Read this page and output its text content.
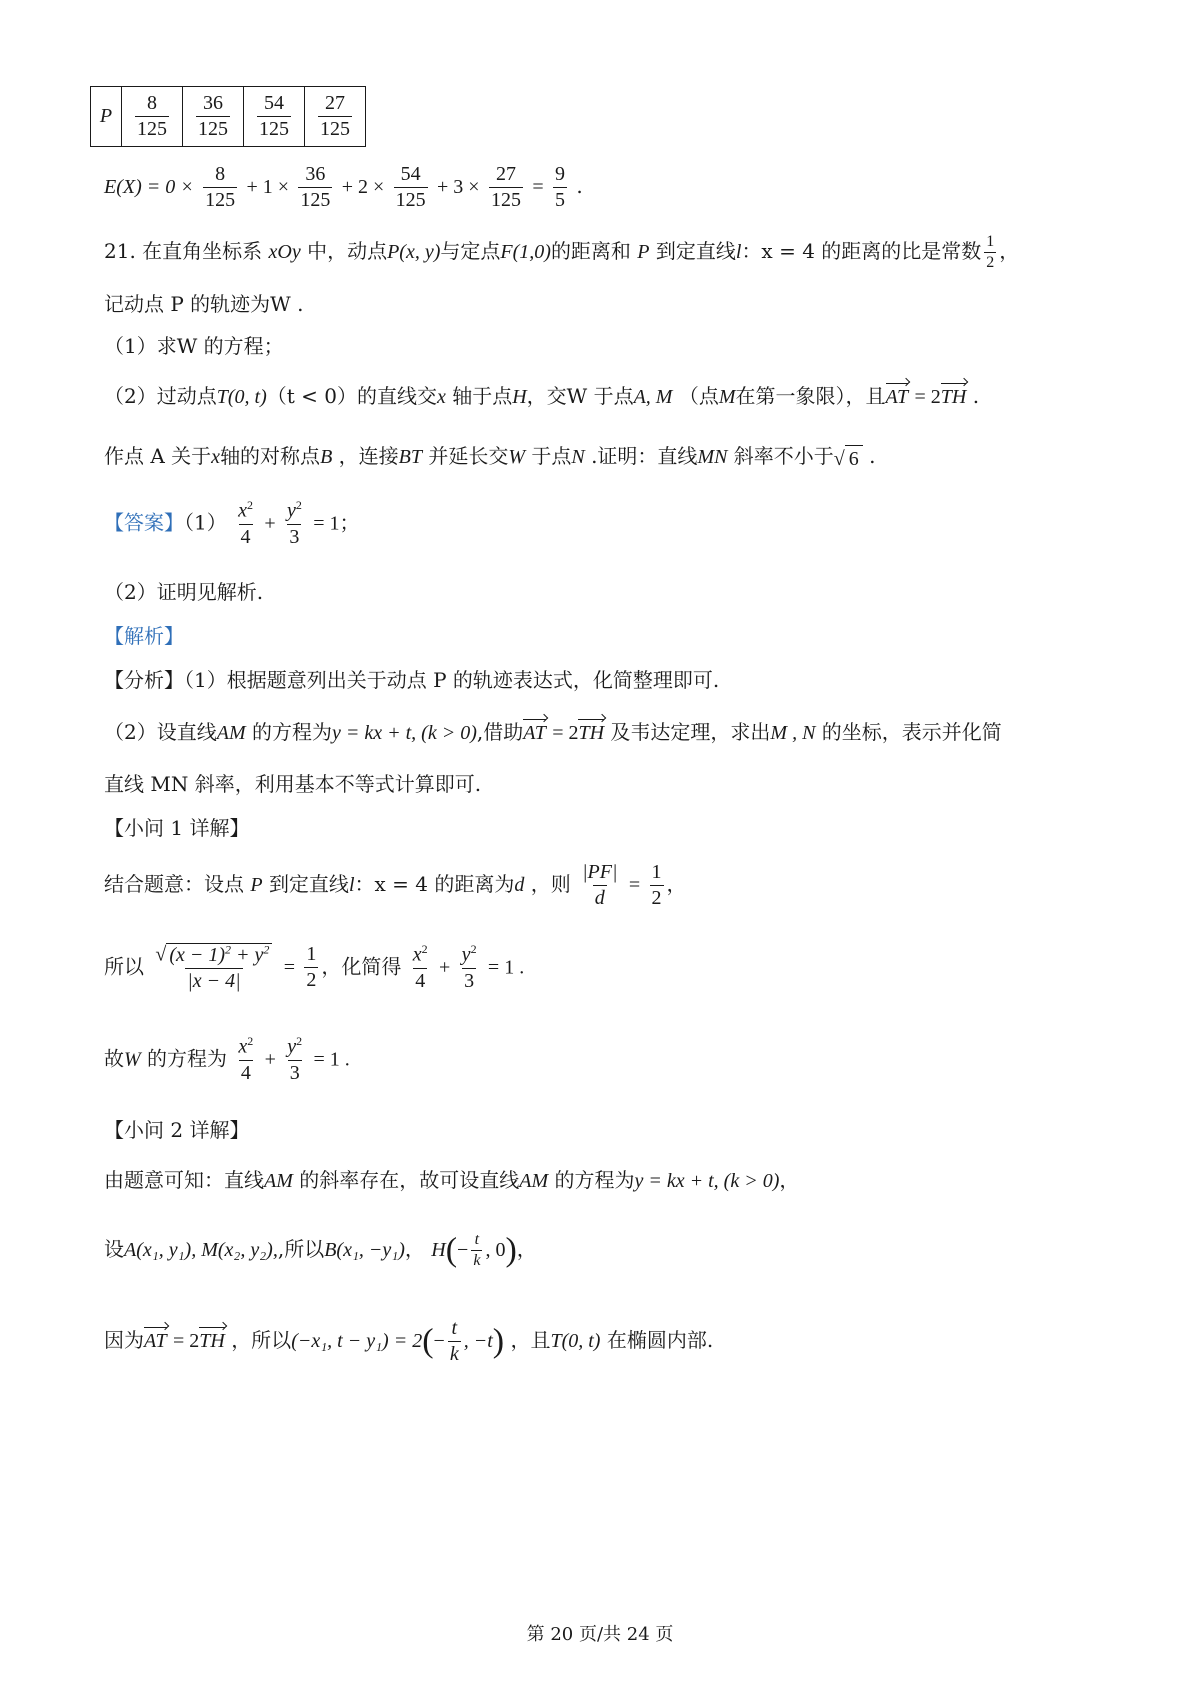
P	$\frac{8}{125}$	$\frac{36}{125}$	$\frac{54}{125}$	$\frac{27}{125}$
$E(X) = 0 \times \frac{8}{125} + 1 \times \frac{36}{125} + 2 \times \frac{54}{125} + 3 \times \frac{27}{125} = \frac{9}{5}$ .
21. 在直角坐标系 xOy 中，动点P(x, y)与定点F(1,0)的距离和 P 到定直线l：x = 4 的距离的比是常数 $\frac{1}{2}$ ，
记动点 P 的轨迹为W .
（1）求W 的方程；
（2）过动点T(0, t)（t < 0）的直线交x 轴于点H，交W 于点A, M （点M在第一象限），且AT = 2TH .
作点 A 关于x轴的对称点B ，连接BT 并延长交W 于点N .证明：直线MN 斜率不小于√ 6 .
【答案】$(1) \frac{x^2}{4} + \frac{y^2}{3} = 1$；
（2）证明见解析.
【解析】
【分析】（1）根据题意列出关于动点 P 的轨迹表达式，化简整理即可.
（2）设直线AM 的方程为y = kx + t, (k > 0),借助AT = 2TH 及韦达定理，求出M , N 的坐标，表示并化简
直线 MN 斜率，利用基本不等式计算即可.
【小问 1 详解】
结合题意：设点 P 到定直线l：x = 4 的距离为d ，则 $\frac{|PF|}{d} = \frac{1}{2}$ ，
所以 $\frac{√ (x - 1)^2 + y^2}{|x - 4|} = \frac{1}{2}$ ，化简得 $\frac{x^2}{4} + \frac{y^2}{3} = 1$ .
故W 的方程为 $\frac{x^2}{4} + \frac{y^2}{3} = 1$ .
【小问 2 详解】
由题意可知：直线AM 的斜率存在，故可设直线AM 的方程为y = kx + t, (k > 0)，
设A(x₁, y₁), M(x₂, y₂),,所以B(x₁, −y₁)， $H(- \frac{t}{k}$ , 0)，
因为AT = 2TH ，所以(−x₁, $t - y_1) = 2(- \frac{t}{k}$ , −t) ，且T(0, t) 在椭圆内部.
第 20 页/共 24 页
